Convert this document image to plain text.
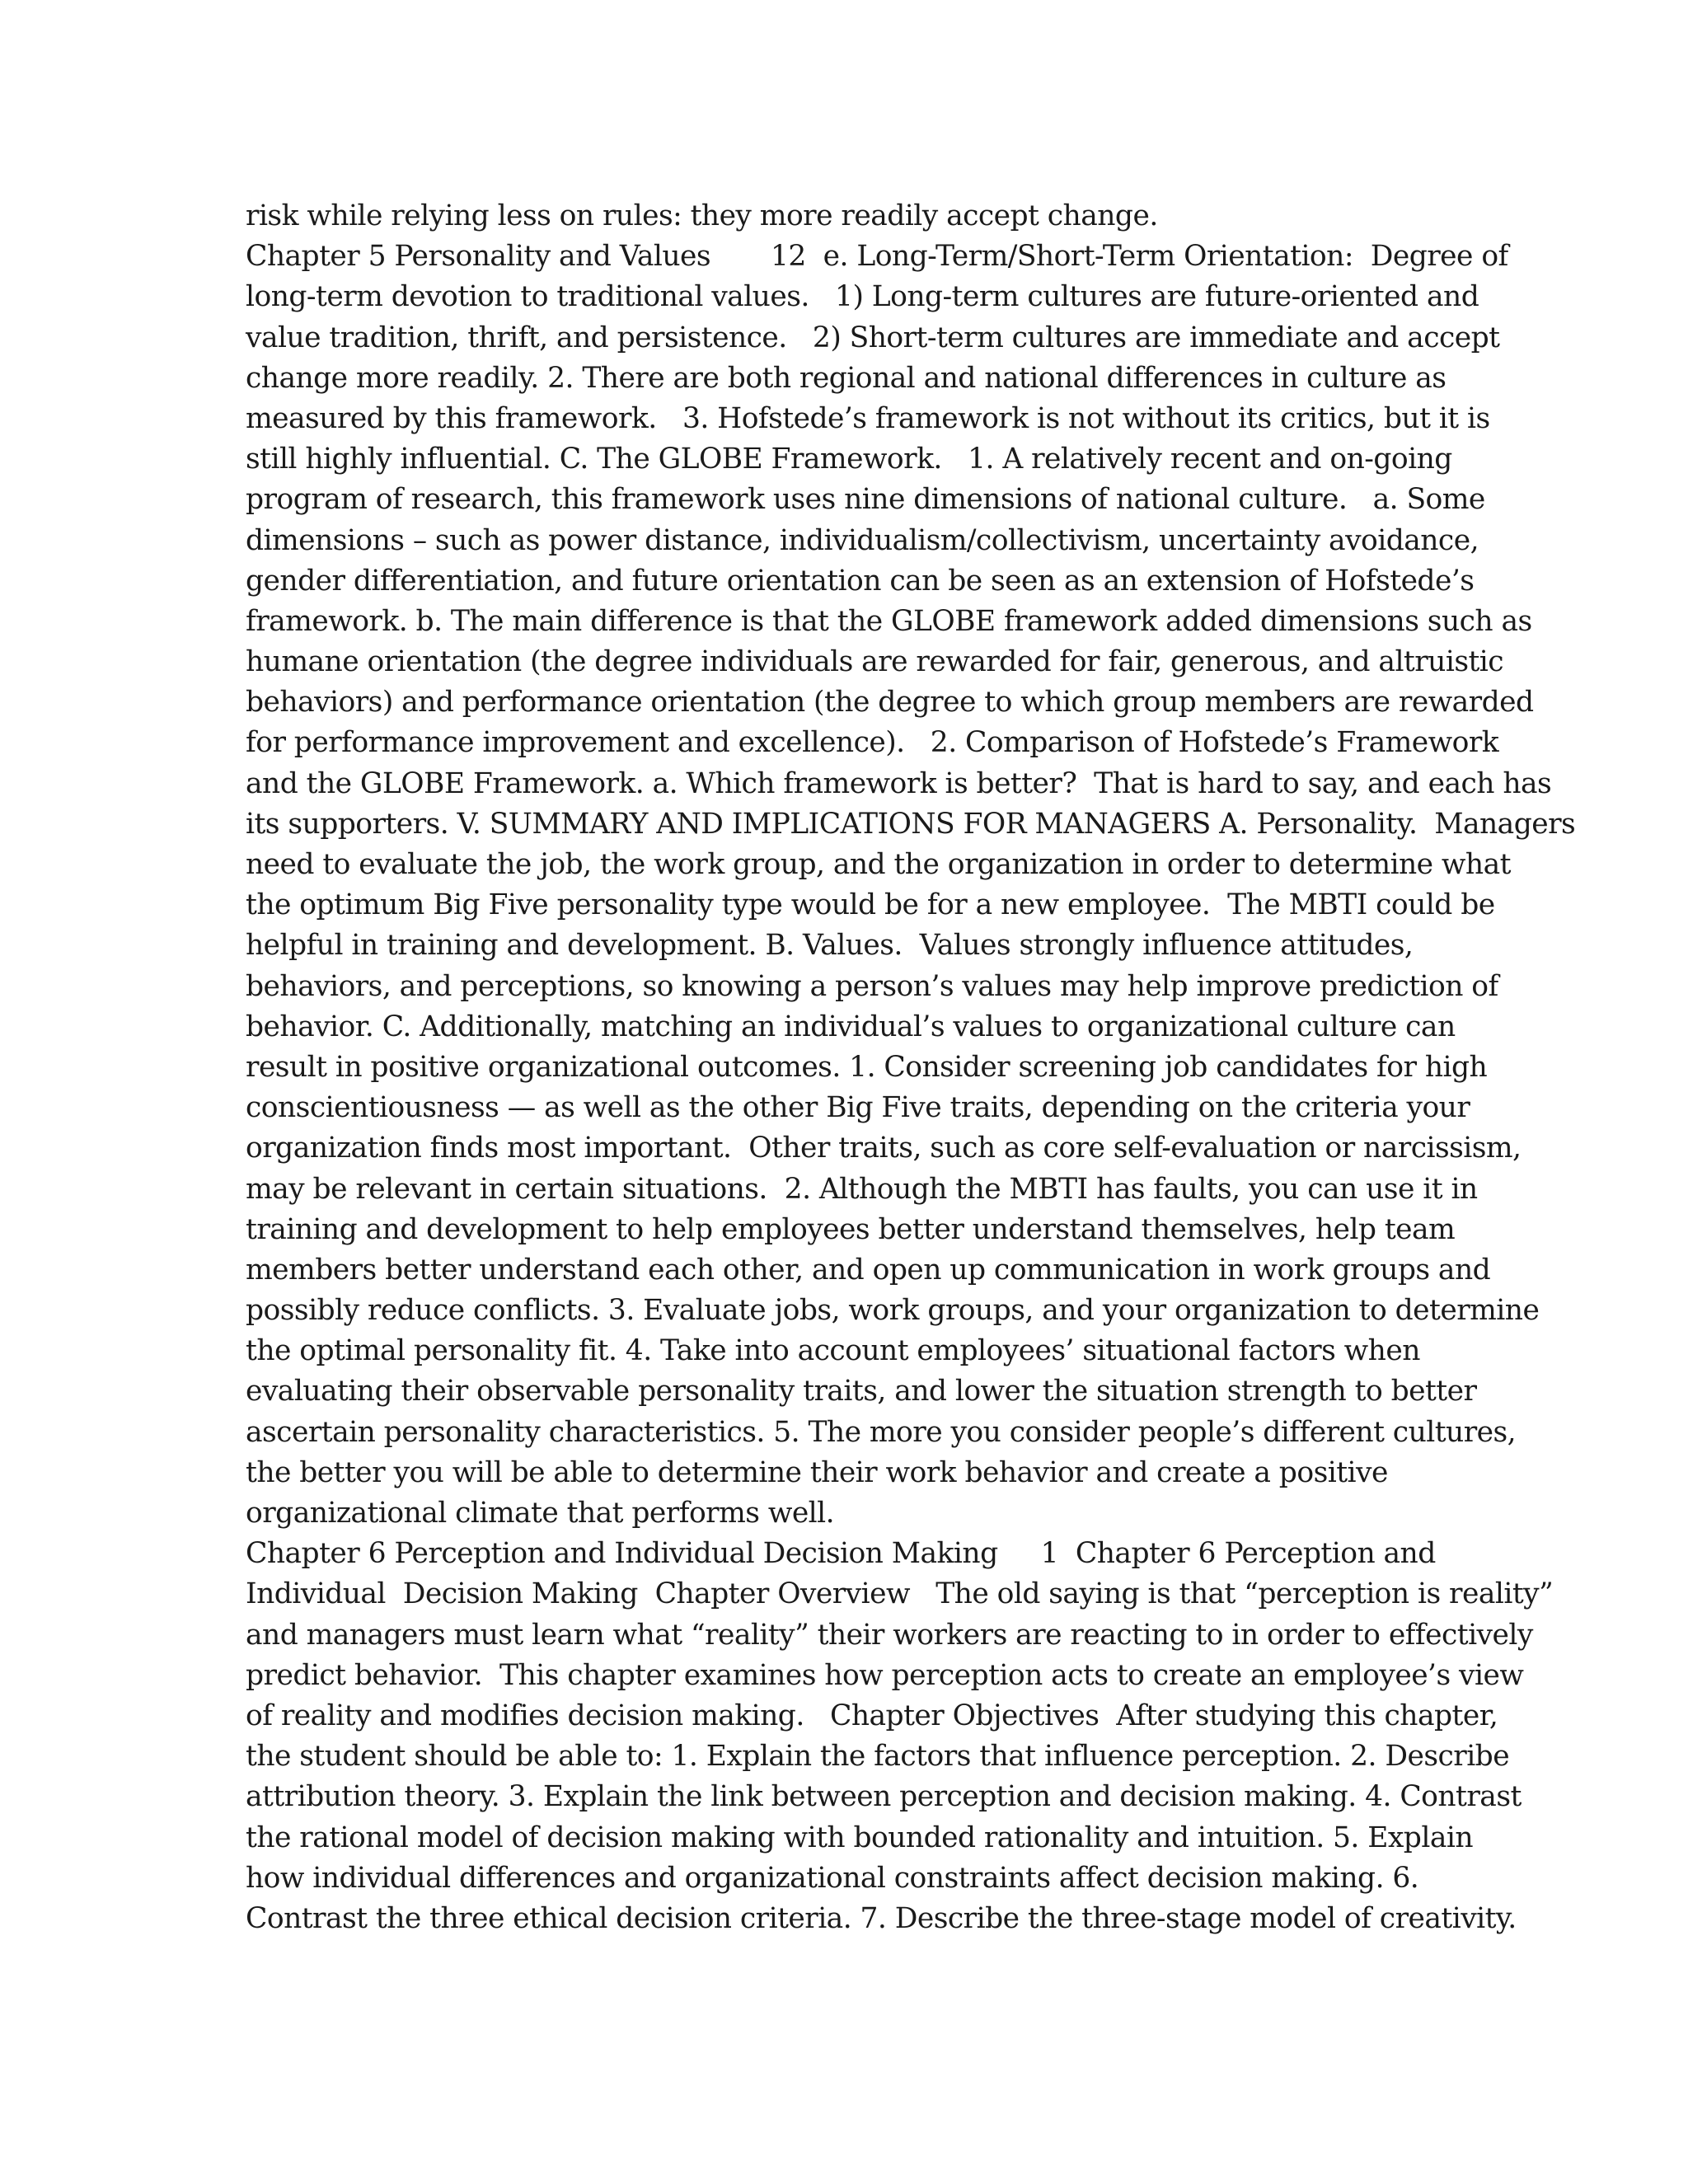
risk while relying less on rules: they more readily accept change.
Chapter 5 Personality and Values       12  e. Long-Term/Short-Term Orientation:  Degree of
long-term devotion to traditional values.   1) Long-term cultures are future-oriented and
value tradition, thrift, and persistence.   2) Short-term cultures are immediate and accept
change more readily. 2. There are both regional and national differences in culture as
measured by this framework.   3. Hofstede’s framework is not without its critics, but it is
still highly influential. C. The GLOBE Framework.   1. A relatively recent and on-going
program of research, this framework uses nine dimensions of national culture.   a. Some
dimensions – such as power distance, individualism/collectivism, uncertainty avoidance,
gender differentiation, and future orientation can be seen as an extension of Hofstede’s
framework. b. The main difference is that the GLOBE framework added dimensions such as
humane orientation (the degree individuals are rewarded for fair, generous, and altruistic
behaviors) and performance orientation (the degree to which group members are rewarded
for performance improvement and excellence).   2. Comparison of Hofstede’s Framework
and the GLOBE Framework. a. Which framework is better?  That is hard to say, and each has
its supporters. V. SUMMARY AND IMPLICATIONS FOR MANAGERS A. Personality.  Managers
need to evaluate the job, the work group, and the organization in order to determine what
the optimum Big Five personality type would be for a new employee.  The MBTI could be
helpful in training and development. B. Values.  Values strongly influence attitudes,
behaviors, and perceptions, so knowing a person’s values may help improve prediction of
behavior. C. Additionally, matching an individual’s values to organizational culture can
result in positive organizational outcomes. 1. Consider screening job candidates for high
conscientiousness — as well as the other Big Five traits, depending on the criteria your
organization finds most important.  Other traits, such as core self-evaluation or narcissism,
may be relevant in certain situations.  2. Although the MBTI has faults, you can use it in
training and development to help employees better understand themselves, help team
members better understand each other, and open up communication in work groups and
possibly reduce conflicts. 3. Evaluate jobs, work groups, and your organization to determine
the optimal personality fit. 4. Take into account employees’ situational factors when
evaluating their observable personality traits, and lower the situation strength to better
ascertain personality characteristics. 5. The more you consider people’s different cultures,
the better you will be able to determine their work behavior and create a positive
organizational climate that performs well.
Chapter 6 Perception and Individual Decision Making     1  Chapter 6 Perception and
Individual  Decision Making  Chapter Overview   The old saying is that “perception is reality”
and managers must learn what “reality” their workers are reacting to in order to effectively
predict behavior.  This chapter examines how perception acts to create an employee’s view
of reality and modifies decision making.   Chapter Objectives  After studying this chapter,
the student should be able to: 1. Explain the factors that influence perception. 2. Describe
attribution theory. 3. Explain the link between perception and decision making. 4. Contrast
the rational model of decision making with bounded rationality and intuition. 5. Explain
how individual differences and organizational constraints affect decision making. 6.
Contrast the three ethical decision criteria. 7. Describe the three-stage model of creativity.
